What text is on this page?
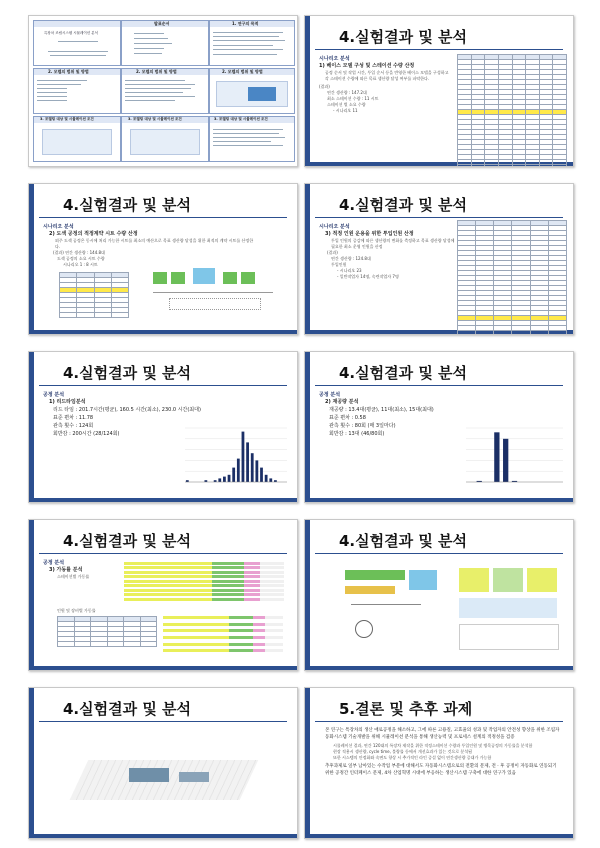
특장차 조립시스템 시뮬레이션 분석
발표순서	1. 연구의 목적
2. 모델의 범위 및 방법	2. 모델의 범위 및 방법	2. 모델의 범위 및 방법
3. 모델링 대상 및 시뮬레이션 조건	3. 모델링 대상 및 시뮬레이션 조건	3. 모델링 대상 및 시뮬레이션 조건
4.실험결과 및 분석
시나리오 분석
1) 베이스 모델 구성 및 스테이션 수량 산정
공정 순서 및 작업 시간, 투입 순서 등을 반영한 베이스 모델을 구성하고 각 스테이션 수량에 따른 목표 생산량 달성 여부를 파악한다.
(결과)
연간 생산량 : 147.2대
최소 스테이션 수량 : 11 시트
스테이션 별 소요 수량
- 시나리오 11

4.실험결과 및 분석
시나리오 분석
2) 도색 공정의 적정계약 시트 수량 산정
외주 도색 공정은 동시에 처리 가능한 시트를 최소의 예산으로 목표 생산량 달성을 위한 최적의 계약 시트를 산정한다.
(결과) 연간 생산량 : 144.8대
도색 공정의 소요 시트 수량
시나리오 1 : 8 시트

4.실험결과 및 분석
시나리오 분석
3) 적정 인원 운용을 위한 투입인원 산정
투입 인원의 증감에 따른 생산량의 변화를 측정하고 목표 생산량 달성에 필요한 최소 운영 인원을 산정
(결과)
연간 생산량 : 124.8대
투입인원
- 시나리오 23
- 일반작업자 14명, 숙련작업자 7명

4.실험결과 및 분석
공정 분석
1) 리드타임분석
리드 타임 : 201.7시간(평균), 160.5 시간(최소), 230.0 시간(최대)
표준 편차 : 11.78
관측 횟수 : 124회
회반감 : 200시간 (28/124회)
4.실험결과 및 분석
공정 분석
2) 재공량 분석
재공량 : 13.4대(평균), 11대(최소), 15대(최대)
표준 편차 : 0.58
관측 횟수 : 80회 (매 3일마다)
회반감 : 13대 (46/80회)
4.실험결과 및 분석
공정 분석
3) 가동률 분석
스테이션별 가동률
인원 및 장비별 가동률

4.실험결과 및 분석
4.실험결과 및 분석	5.결론 및 추후 과제
본 연구는 특장차의 생산 애로공정을 해소하고, 그에 따른 고용질, 고효율의 성과 및 작업자의 안전성 향상을 위한 조립자동화시스템 기술개발을 위해 시뮬레이션 분석을 통해 생산능력 및 프로세스 설계의 적정성을 검증
시뮬레이션 결과, 연간 120대의 특장차 제작을 위한 적정스테이션 수량과 투입인원 및 병목공정의 가동률을 분석함
현장 적용시 생산량, cycle time, 불량률 등에서 개선효과가 있는 것으로 분석됨
또한 시스템의 안정화와 속면도 향상 시 추가적인 라인 증설 없이 연간생산량 증대가 가능함
추후과제로 일부 남아있는 수작업 부분에 대해서도 자동화시스템으로의 전환의 문제, 전 · 후 공정이 자동화로 연동되기 위한 공정간 인터페이스 문제, 4차 산업혁명 시대에 부응하는 생산시스템 구축에 대한 연구가 있음
